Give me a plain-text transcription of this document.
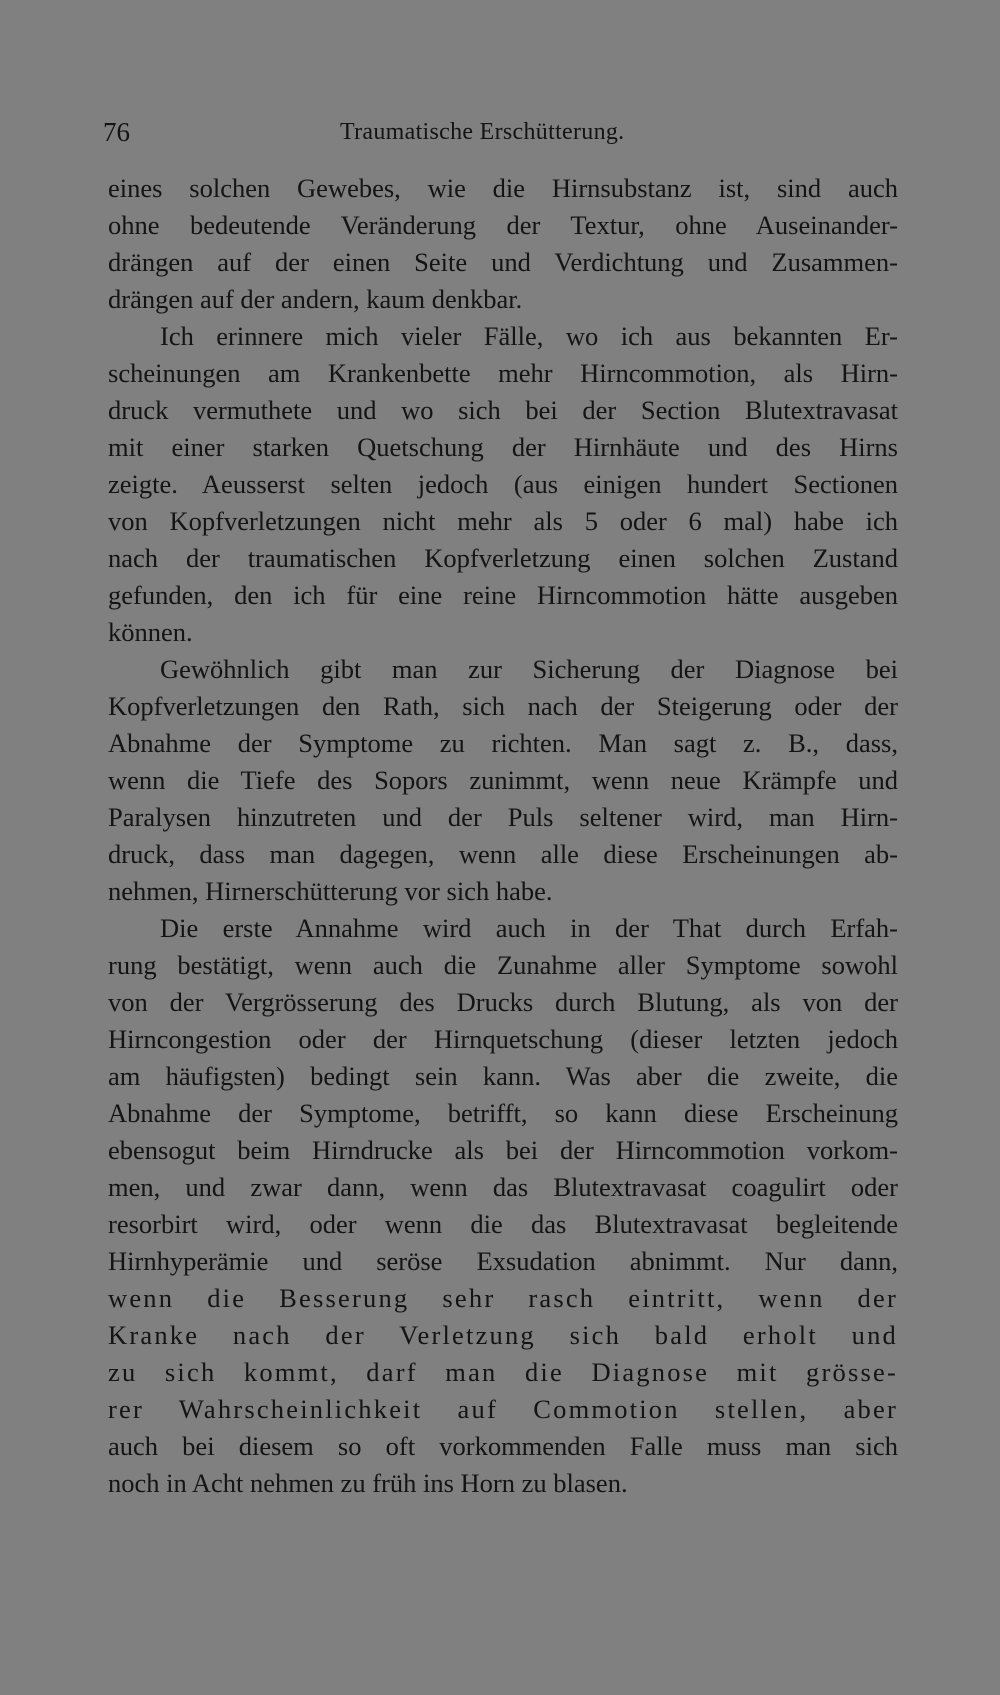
76	Traumatische Erschütterung.
eines solchen Gewebes, wie die Hirnsubstanz ist, sind auch
ohne bedeutende Veränderung der Textur, ohne Auseinander-
drängen auf der einen Seite und Verdichtung und Zusammen-
drängen auf der andern, kaum denkbar.
Ich erinnere mich vieler Fälle, wo ich aus bekannten Er-
scheinungen am Krankenbette mehr Hirncommotion, als Hirn-
druck vermuthete und wo sich bei der Section Blutextravasat
mit einer starken Quetschung der Hirnhäute und des Hirns
zeigte. Aeusserst selten jedoch (aus einigen hundert Sectionen
von Kopfverletzungen nicht mehr als 5 oder 6 mal) habe ich
nach der traumatischen Kopfverletzung einen solchen Zustand
gefunden, den ich für eine reine Hirncommotion hätte ausgeben
können.
Gewöhnlich gibt man zur Sicherung der Diagnose bei
Kopfverletzungen den Rath, sich nach der Steigerung oder der
Abnahme der Symptome zu richten. Man sagt z. B., dass,
wenn die Tiefe des Sopors zunimmt, wenn neue Krämpfe und
Paralysen hinzutreten und der Puls seltener wird, man Hirn-
druck, dass man dagegen, wenn alle diese Erscheinungen ab-
nehmen, Hirnerschütterung vor sich habe.
Die erste Annahme wird auch in der That durch Erfah-
rung bestätigt, wenn auch die Zunahme aller Symptome sowohl
von der Vergrösserung des Drucks durch Blutung, als von der
Hirncongestion oder der Hirnquetschung (dieser letzten jedoch
am häufigsten) bedingt sein kann. Was aber die zweite, die
Abnahme der Symptome, betrifft, so kann diese Erscheinung
ebensogut beim Hirndrucke als bei der Hirncommotion vorkom-
men, und zwar dann, wenn das Blutextravasat coagulirt oder
resorbirt wird, oder wenn die das Blutextravasat begleitende
Hirnhyperämie und seröse Exsudation abnimmt. Nur dann,
wenn die Besserung sehr rasch eintritt, wenn der
Kranke nach der Verletzung sich bald erholt und
zu sich kommt, darf man die Diagnose mit grösse-
rer Wahrscheinlichkeit auf Commotion stellen, aber
auch bei diesem so oft vorkommenden Falle muss man sich
noch in Acht nehmen zu früh ins Horn zu blasen.
